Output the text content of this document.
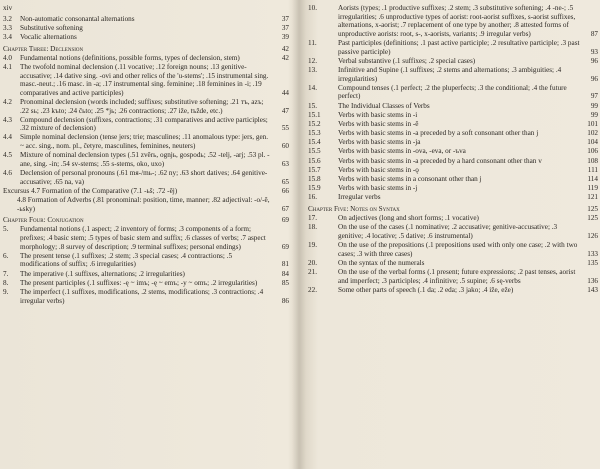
xiv
3.2 Non-automatic consonantal alternations	37
3.3 Substitutive softening	37
3.4 Vocalic alternations	39
Chapter Three: Declension	42
4.0 Fundamental notions (definitions, possible forms, types of declension, stem)	42
4.1 The twofold nominal declension (.11 vocative; .12 foreign nouns; .13 genitive-accusative; .14 dative sing. -ovi and other relics of the 'u-stems'; .15 instrumental sing. masc.-neut.; .16 masc. in -a; .17 instrumental sing. feminine; .18 feminines in -i; .19 comparatives and active participles)	44
4.2 Pronominal declension (words included; suffixes; substitutive softening; .21 тъ, аzъ; .22 sь; .23 kъto; .24 čьto; .25 *jь; .26 contractions; .27 iže, tъžde, etc.)	47
4.3 Compound declension (suffixes, contractions; .31 comparatives and active participles; .32 mixture of declension)	55
4.4 Simple nominal declension (tense jers; trie; masculines; .11 anomalous type: jers, gen. ~ acc. sing., nom. pl., četyre, masculines, feminines, neuters)	60
4.5 Mixture of nominal declension types (.51 zvěrь, ognjь, gospodь; .52 -telj, -arj; .53 pl. -ane, sing. -in; .54 sv-stems; .55 s-stems, oko, uxo)	63
4.6 Declension of personal pronouns (.61 mя-/mь-; .62 ny; .63 short datives; .64 genitive-accusative; .65 na, va)	65
Excursus 4.7 Formation of the Comparative (7.1 -ьš; .72 -ěj)	66
4.8 Formation of Adverbs (.81 pronominal: position, time, manner; .82 adjectival: -o/-ě, -ьsky)	67
Chapter Four: Conjugation	69
5. Fundamental notions (.1 aspect; .2 inventory of forms; .3 components of a form; prefixes; .4 basic stem; .5 types of basic stem and suffix; .6 classes of verbs; .7 aspect morphology; .8 survey of description; .9 terminal suffixes; personal endings)	69
6. The present tense (.1 suffixes; .2 stem; .3 special cases; .4 contractions; .5 modifications of suffix; .6 irregularities)	81
7. The imperative (.1 suffixes, alternations; .2 irregularities)	84
8. The present participles (.1 suffixes: -ę ~ imъ; -ę ~ emъ; -y ~ omъ; .2 irregularities)	85
9. The imperfect (.1 suffixes, modifications, .2 stems, modifications; .3 contractions; .4 irregular verbs)	86
10.	Aorists (types; .1 productive suffixes; .2 stem; .3 substitutive softening; .4 -ne-; .5 irregularities; .6 unproductive types of aorist: root-aorist suffixes, s-aorist suffixes, alternations, x-aorist; .7 replacement of one type by another; .8 attested forms of unproductive aorists: root, s-, x-aorists, variants; .9 irregular verbs)	87
11.	Past participles (definitions; .1 past active participle; .2 resultative participle; .3 past passive participle)	93
12.	Verbal substantive (.1 suffixes; .2 special cases)	96
13.	Infinitive and Supine (.1 suffixes; .2 stems and alternations; .3 ambiguities; .4 irregularities)	96
14.	Compound tenses (.1 perfect; .2 the pluperfects; .3 the conditional; .4 the future perfect)	97
15.	The Individual Classes of Verbs	99
15.1 Verbs with basic stems in -i	99
15.2 Verbs with basic stems in -ě	101
15.3 Verbs with basic stems in -a preceded by a soft consonant other than j	102
15.4 Verbs with basic stems in -ja	104
15.5 Verbs with basic stems in -ova, -eva, or -ъva	106
15.6 Verbs with basic stems in -a preceded by a hard consonant other than v	108
15.7 Verbs with basic stems in -ǫ	111
15.8 Verbs with basic stems in a consonant other than j	114
15.9 Verbs with basic stems in -j	119
16.	Irregular verbs	121
Chapter Five: Notes on Syntax	125
17.	On adjectives (long and short forms; .1 vocative)	125
18.	On the use of the cases (.1 nominative; .2 accusative; genitive-accusative; .3 genitive; .4 locative; .5 dative; .6 instrumental)	126
19.	On the use of the prepositions (.1 prepositions used with only one case; .2 with two cases; .3 with three cases)	133
20.	On the syntax of the numerals	135
21.	On the use of the verbal forms (.1 present; future expressions; .2 past tenses, aorist and imperfect; .3 participles; .4 infinitive; .5 supine; .6 sę-verbs	136
22.	Some other parts of speech (.1 da; .2 eda; .3 jako; .4 iže, eže)	143
